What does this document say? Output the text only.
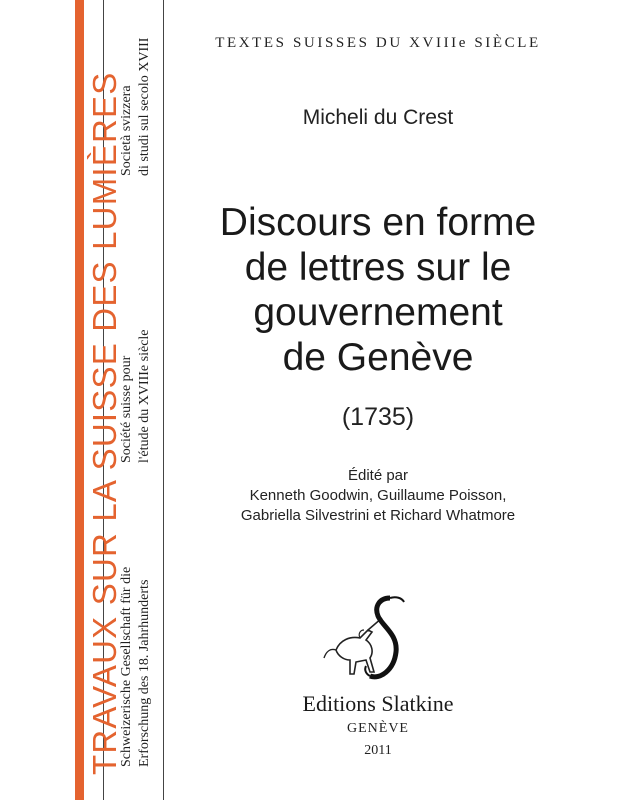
TRAVAUX SUR LA SUISSE DES LUMIÈRES
Schweizerische Gesellschaft für die Erforschung des 18. Jahrhunderts
Société suisse pour l'étude du XVIIIe siècle
Società svizzera di studi sul secolo XVIII	TEXTES SUISSES DU XVIIIe SIÈCLE
Micheli du Crest
Discours en forme
de lettres sur le
gouvernement
de Genève
(1735)
Édité par
Kenneth Goodwin, Guillaume Poisson,
Gabriella Silvestrini et Richard Whatmore
Editions Slatkine
GENÈVE
2011
